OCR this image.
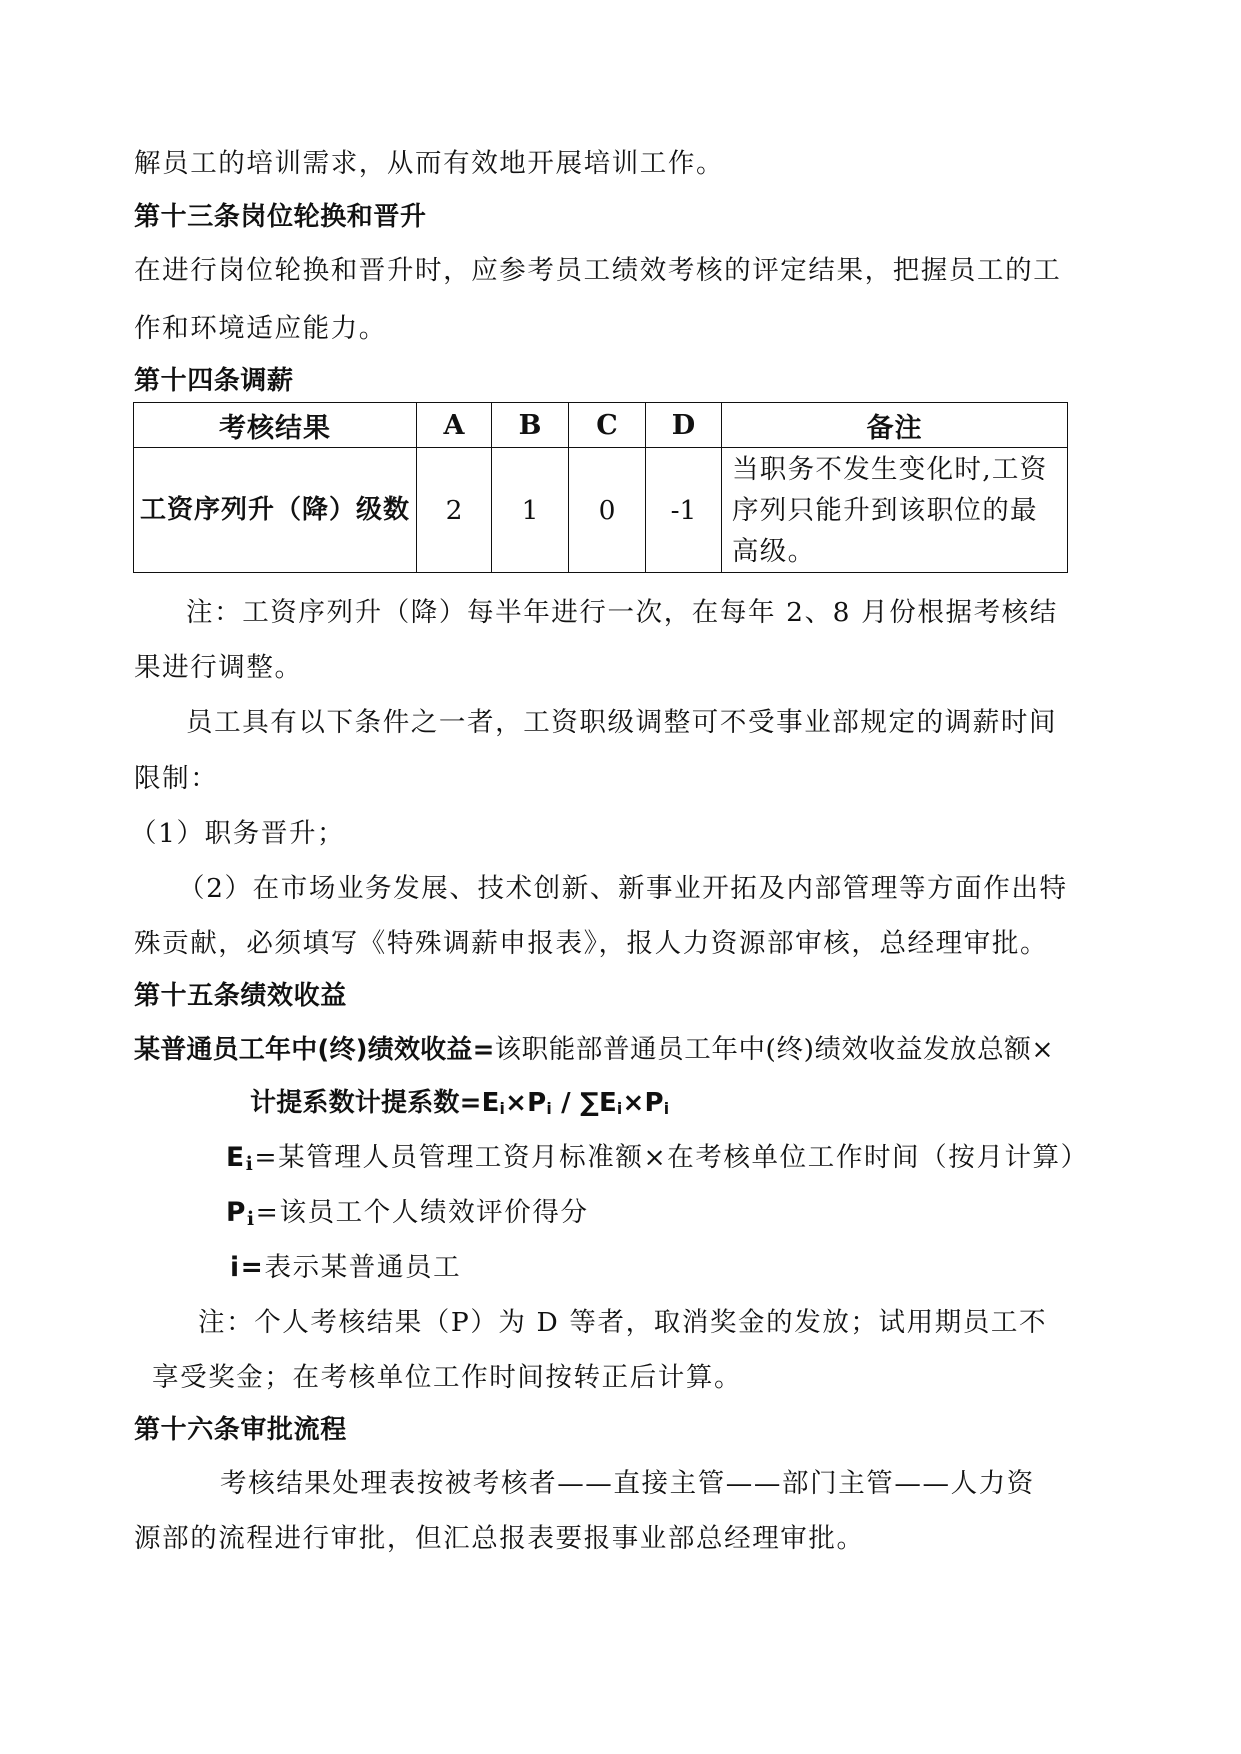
解员工的培训需求，从而有效地开展培训工作。
第十三条岗位轮换和晋升
在进行岗位轮换和晋升时，应参考员工绩效考核的评定结果，把握员工的工
作和环境适应能力。
第十四条调薪
考核结果	A	B	C	D	备注
工资序列升（降）级数	2	1	0	-1	当职务不发生变化时,工资序列只能升到该职位的最高级。
注：工资序列升（降）每半年进行一次，在每年 2、8 月份根据考核结
果进行调整。
员工具有以下条件之一者，工资职级调整可不受事业部规定的调薪时间
限制：
（1）职务晋升；
（2）在市场业务发展、技术创新、新事业开拓及内部管理等方面作出特
殊贡献，必须填写《特殊调薪申报表》，报人力资源部审核，总经理审批。
第十五条绩效收益
某普通员工年中(终)绩效收益=该职能部普通员工年中(终)绩效收益发放总额×
计提系数计提系数$=E_i\times P_i / \sum E_i\times P_i$
Ei=某管理人员管理工资月标准额×在考核单位工作时间（按月计算）
Pi=该员工个人绩效评价得分
i=表示某普通员工
注：个人考核结果（P）为 D 等者，取消奖金的发放；试用期员工不
享受奖金；在考核单位工作时间按转正后计算。
第十六条审批流程
考核结果处理表按被考核者——直接主管——部门主管——人力资
源部的流程进行审批，但汇总报表要报事业部总经理审批。
